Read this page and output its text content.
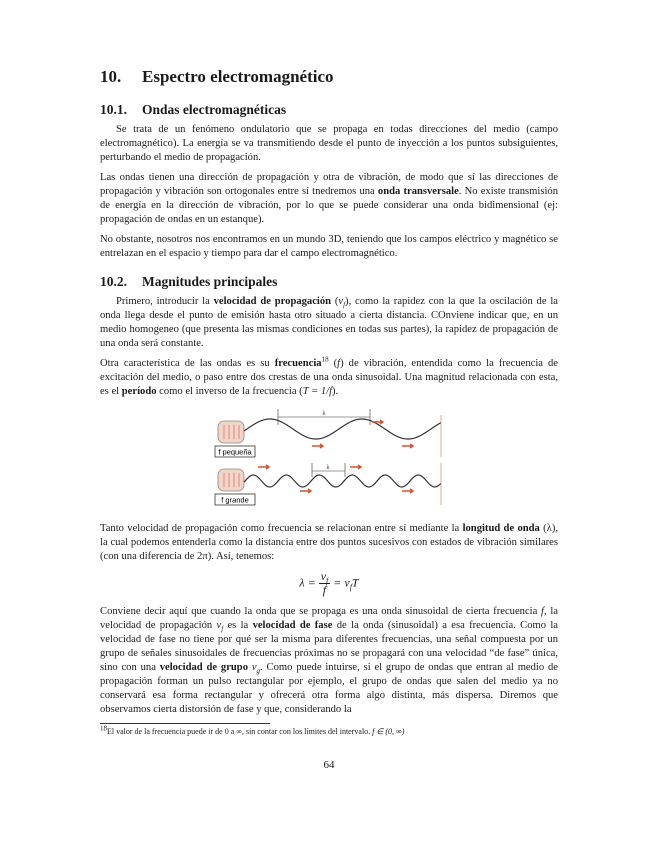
10. Espectro electromagnético
10.1. Ondas electromagnéticas
Se trata de un fenómeno ondulatorio que se propaga en todas direcciones del medio (campo electromagnético). La energía se va transmitiendo desde el punto de inyección a los puntos subsiguientes, perturbando el medio de propagación.
Las ondas tienen una dirección de propagación y otra de vibración, de modo que sí las direcciones de propagación y vibración son ortogonales entre sí tnedremos una onda transversale. No existe transmisión de energía en la dirección de vibración, por lo que se puede considerar una onda bidimensional (ej: propagación de ondas en un estanque).
No obstante, nosotros nos encontramos en un mundo 3D, teniendo que los campos eléctrico y magnético se entrelazan en el espacio y tiempo para dar el campo electromagnético.
10.2. Magnitudes principales
Primero, introducir la velocidad de propagación $(v_f)$, como la rapidez con la que la oscilación de la onda llega desde el punto de emisión hasta otro situado a cierta distancia. COnviene indicar que, en un medio homogeneo (que presenta las mismas condiciones en todas sus partes), la rapidez de propagación de una onda será constante.
Otra característica de las ondas es su frecuencia$^{18}$ (f) de vibración, entendida como la frecuencia de excitación del medio, o paso entre dos crestas de una onda sinusoidal. Una magnitud relacionada con esta, es el período como el inverso de la frecuencia (T = 1/f).
f pequeña
f grande
λ
λ
Tanto velocidad de propagación como frecuencia se relacionan entre sí mediante la longitud de onda (λ), la cual podemos entenderla como la distancia entre dos puntos sucesivos con estados de vibración similares (con una diferencia de 2π). Así, tenemos:
$\lambda = \frac{v_f}{f} = v_fT$
Conviene decir aquí que cuando la onda que se propaga es una onda sinusoidal de cierta frecuencia f, la velocidad de propagación $v_f$ es la velocidad de fase de la onda (sinusoidal) a esa frecuencia. Como la velocidad de fase no tiene por qué ser la misma para diferentes frecuencias, una señal compuesta por un grupo de señales sinusoidales de frecuencias próximas no se propagará con una velocidad “de fase” única, sino con una velocidad de grupo $v_g$. Como puede intuirse, si el grupo de ondas que entran al medio de propagación forman un pulso rectangular por ejemplo, el grupo de ondas que salen del medio ya no conservará esa forma rectangular y ofrecerá otra forma algo distinta, más dispersa. Diremos que observamos cierta distorsión de fase y que, considerando la
$^{18}$El valor de la frecuencia puede ir de 0 a ∞, sin contar con los límites del intervalo. f ∈ (0, ∞)
64
